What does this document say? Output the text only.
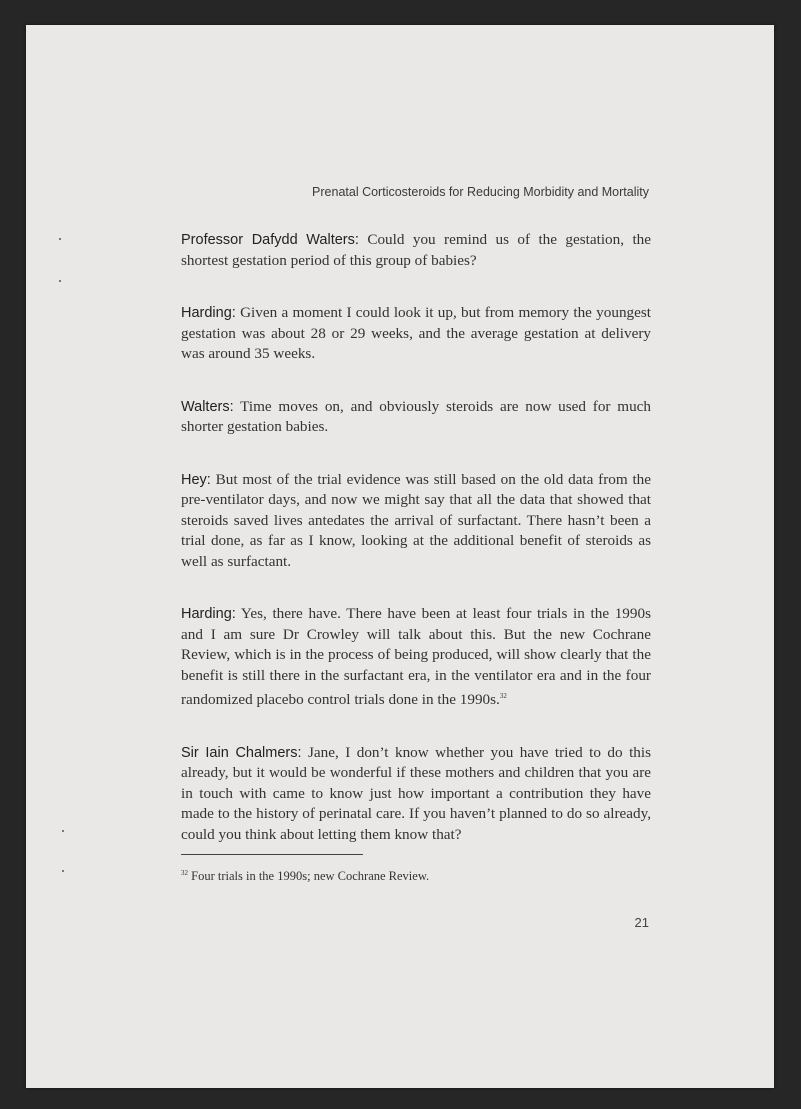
Prenatal Corticosteroids for Reducing Morbidity and Mortality

Professor Dafydd Walters: Could you remind us of the gestation, the shortest gestation period of this group of babies?

Harding: Given a moment I could look it up, but from memory the youngest gestation was about 28 or 29 weeks, and the average gestation at delivery was around 35 weeks.

Walters: Time moves on, and obviously steroids are now used for much shorter gestation babies.

Hey: But most of the trial evidence was still based on the old data from the pre-ventilator days, and now we might say that all the data that showed that steroids saved lives antedates the arrival of surfactant. There hasn’t been a trial done, as far as I know, looking at the additional benefit of steroids as well as surfactant.

Harding: Yes, there have. There have been at least four trials in the 1990s and I am sure Dr Crowley will talk about this. But the new Cochrane Review, which is in the process of being produced, will show clearly that the benefit is still there in the surfactant era, in the ventilator era and in the four randomized placebo control trials done in the 1990s.$^{32}$

Sir Iain Chalmers: Jane, I don’t know whether you have tried to do this already, but it would be wonderful if these mothers and children that you are in touch with came to know just how important a contribution they have made to the history of perinatal care. If you haven’t planned to do so already, could you think about letting them know that?

$^{32}$ Four trials in the 1990s; new Cochrane Review.
21
